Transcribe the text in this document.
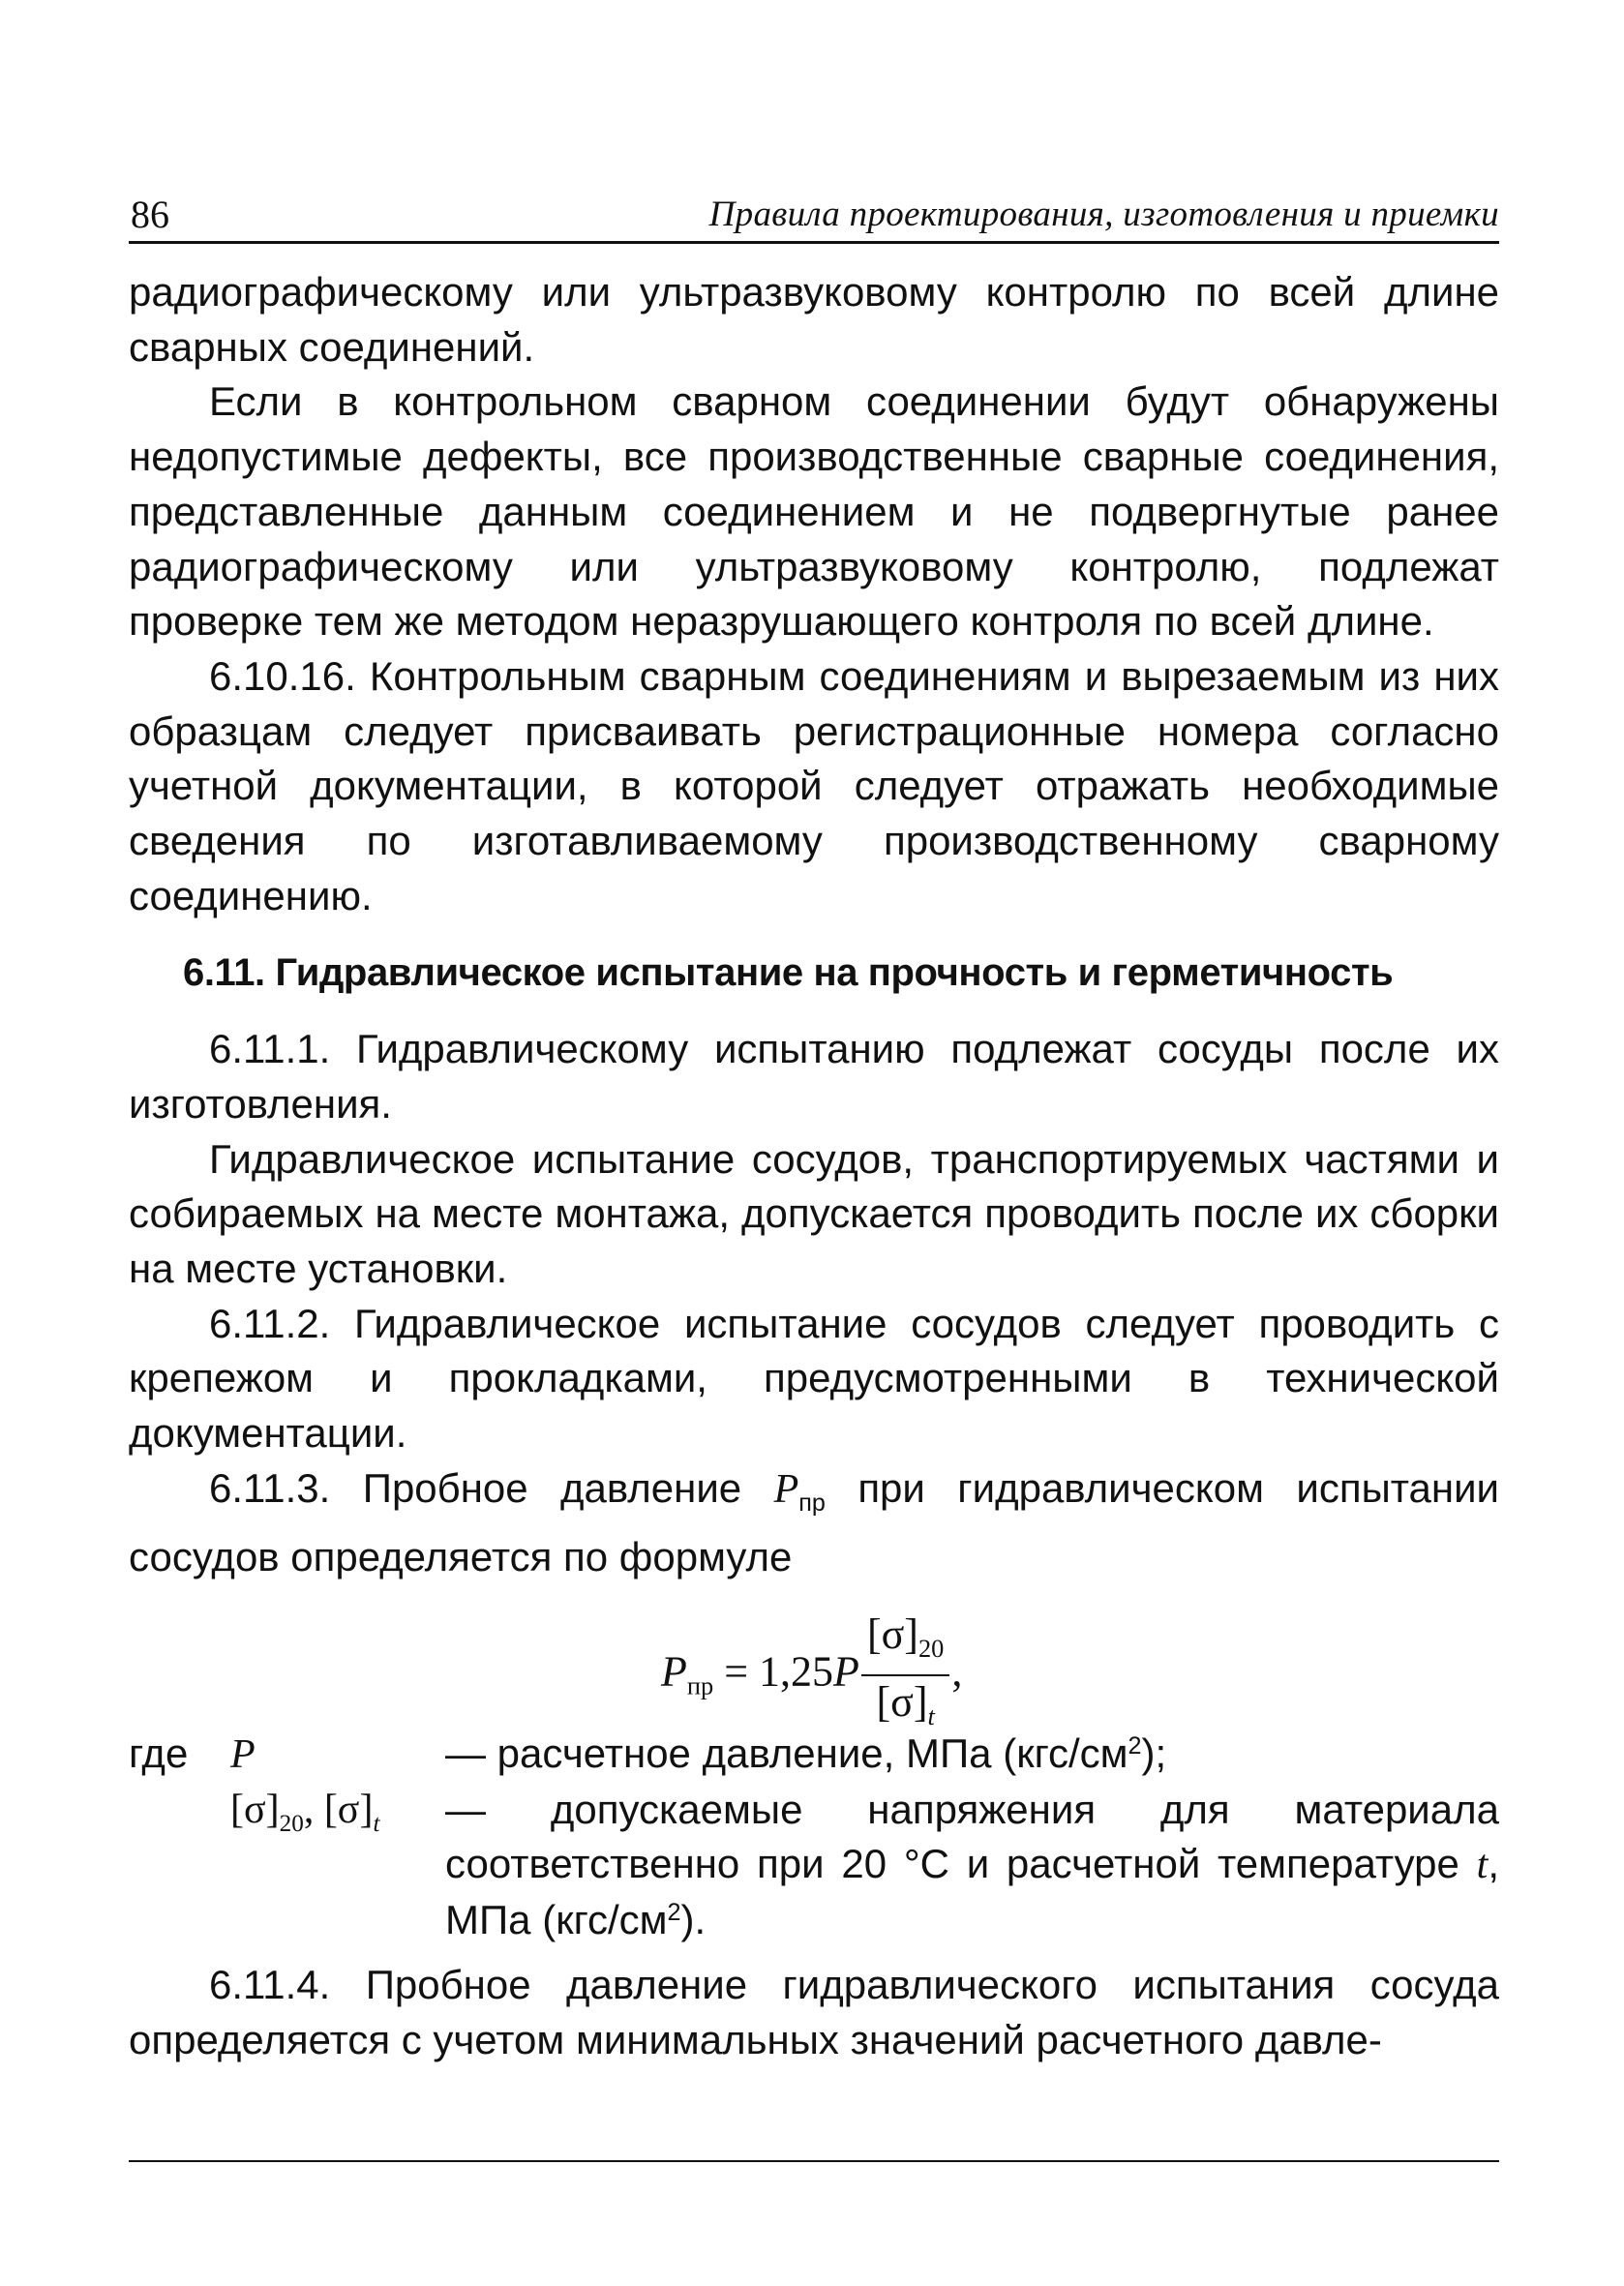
86	Правила проектирования, изготовления и приемки

радиографическому или ультразвуковому контролю по всей длине сварных соединений.

Если в контрольном сварном соединении будут обнаружены недопустимые дефекты, все производственные сварные соединения, представленные данным соединением и не подвергнутые ранее радиографическому или ультразвуковому контролю, подлежат проверке тем же методом неразрушающего контроля по всей длине.

6.10.16. Контрольным сварным соединениям и вырезаемым из них образцам следует присваивать регистрационные номера согласно учетной документации, в которой следует отражать необходимые сведения по изготавливаемому производственному сварному соединению.

6.11. Гидравлическое испытание на прочность и герметичность

6.11.1. Гидравлическому испытанию подлежат сосуды после их изготовления.

Гидравлическое испытание сосудов, транспортируемых частями и собираемых на месте монтажа, допускается проводить после их сборки на месте установки.

6.11.2. Гидравлическое испытание сосудов следует проводить с крепежом и прокладками, предусмотренными в технической документации.

6.11.3. Пробное давление $P_{пр}$ при гидравлическом испытании сосудов определяется по формуле

$P_{пр} = 1,25P \frac{[\sigma]_{20}}{[\sigma]_t}$ ,
где	P	— расчетное давление, МПа $(кгс/см^2)$;
	$[\sigma]_{20}$, $[\sigma]_t$	— допускаемые напряжения для материала соответственно при 20 °С и расчетной температуре t, МПа $(кгс/см^2)$.

6.11.4. Пробное давление гидравлического испытания сосуда определяется с учетом минимальных значений расчетного давле-
